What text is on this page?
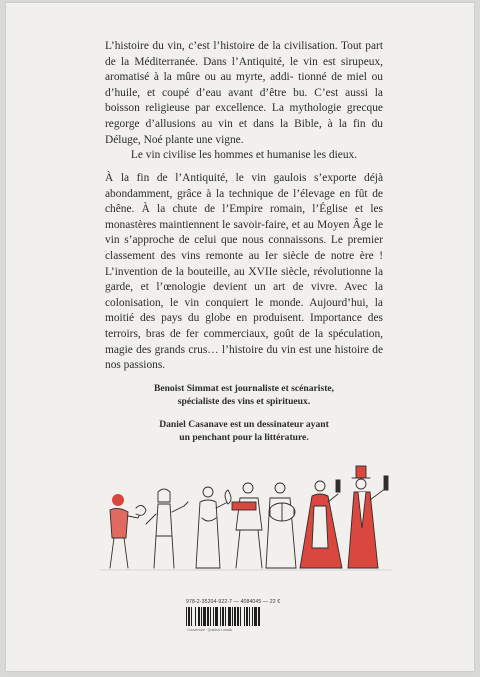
L’histoire du vin, c’est l’histoire de la civilisation. Tout part de la Méditerranée. Dans l’Antiquité, le vin est sirupeux, aromatisé à la mûre ou au myrte, addi- tionné de miel ou d’huile, et coupé d’eau avant d’être bu. C’est aussi la boisson religieuse par excellence. La mythologie grecque regorge d’allusions au vin et dans la Bible, à la fin du Déluge, Noé plante une vigne.
Le vin civilise les hommes et humanise les dieux.
À la fin de l’Antiquité, le vin gaulois s’exporte déjà abondamment, grâce à la technique de l’élevage en fût de chêne. À la chute de l’Empire romain, l’Église et les monastères maintiennent le savoir-faire, et au Moyen Âge le vin s’approche de celui que nous connaissons. Le premier classement des vins remonte au Ier siècle de notre ère ! L’invention de la bouteille, au XVIIe siècle, révolutionne la garde, et l’œnologie devient un art de vivre. Avec la colonisation, le vin conquiert le monde. Aujourd’hui, la moitié des pays du globe en produisent. Importance des terroirs, bras de fer commerciaux, goût de la spéculation, magie des grands crus… l’histoire du vin est une histoire de nos passions.
Benoist Simmat est journaliste et scénariste,
spécialiste des vins et spiritueux.
Daniel Casanave est un dessinateur ayant
un penchant pour la littérature.
978-2-35204-922-7 — 4084045 — 22 €
Couverture : Quintus Lowda
